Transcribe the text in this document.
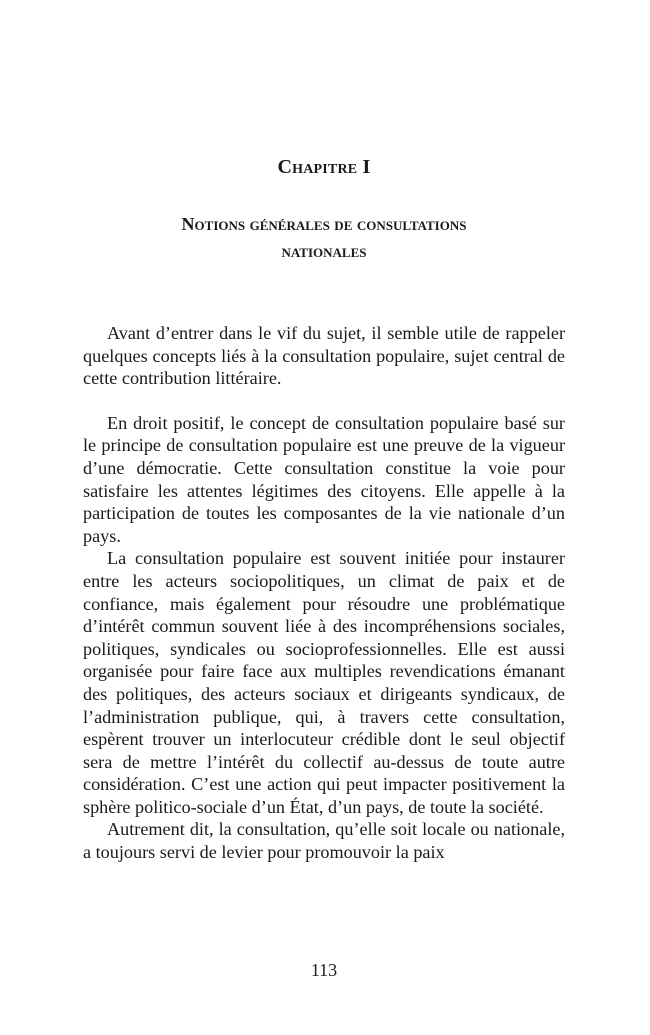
Chapitre I
Notions générales de consultations
nationales

Avant d’entrer dans le vif du sujet, il semble utile de rappeler quelques concepts liés à la consultation populaire, sujet central de cette contribution littéraire.

En droit positif, le concept de consultation populaire basé sur le principe de consultation populaire est une preuve de la vigueur d’une démocratie. Cette consultation constitue la voie pour satisfaire les attentes légitimes des citoyens. Elle appelle à la participation de toutes les composantes de la vie nationale d’un pays.

La consultation populaire est souvent initiée pour instaurer entre les acteurs sociopolitiques, un climat de paix et de confiance, mais également pour résoudre une problématique d’intérêt commun souvent liée à des incompréhensions sociales, politiques, syndicales ou socioprofessionnelles. Elle est aussi organisée pour faire face aux multiples revendications émanant des politiques, des acteurs sociaux et dirigeants syndicaux, de l’administration publique, qui, à travers cette consultation, espèrent trouver un interlocuteur crédible dont le seul objectif sera de mettre l’intérêt du collectif au-dessus de toute autre considération. C’est une action qui peut impacter positivement la sphère politico-sociale d’un État, d’un pays, de toute la société.

Autrement dit, la consultation, qu’elle soit locale ou nationale, a toujours servi de levier pour promouvoir la paix

113
